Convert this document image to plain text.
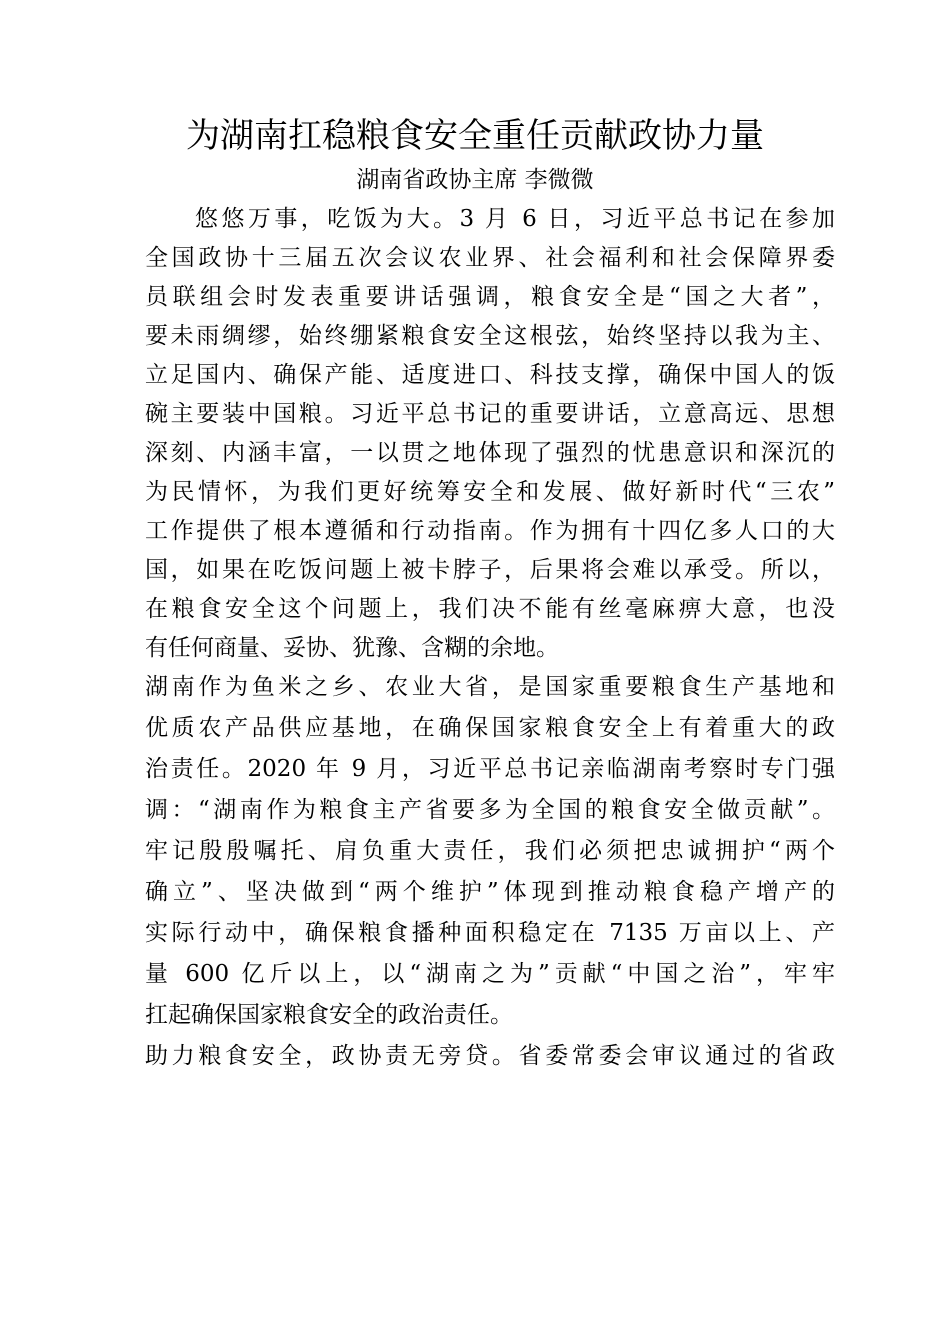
为湖南扛稳粮食安全重任贡献政协力量
湖南省政协主席 李微微
悠悠万事，吃饭为大。3 月 6 日，习近平总书记在参加
全国政协十三届五次会议农业界、社会福利和社会保障界委
员联组会时发表重要讲话强调，粮食安全是“国之大者”，
要未雨绸缪，始终绷紧粮食安全这根弦，始终坚持以我为主、
立足国内、确保产能、适度进口、科技支撑，确保中国人的饭
碗主要装中国粮。习近平总书记的重要讲话，立意高远、思想
深刻、内涵丰富，一以贯之地体现了强烈的忧患意识和深沉的
为民情怀，为我们更好统筹安全和发展、做好新时代“三农”
工作提供了根本遵循和行动指南。作为拥有十四亿多人口的大
国，如果在吃饭问题上被卡脖子，后果将会难以承受。所以，
在粮食安全这个问题上，我们决不能有丝毫麻痹大意，也没
有任何商量、妥协、犹豫、含糊的余地。
湖南作为鱼米之乡、农业大省，是国家重要粮食生产基地和
优质农产品供应基地，在确保国家粮食安全上有着重大的政
治责任。2020 年 9 月，习近平总书记亲临湖南考察时专门强
调：“湖南作为粮食主产省要多为全国的粮食安全做贡献”。
牢记殷殷嘱托、肩负重大责任，我们必须把忠诚拥护“两个
确立”、坚决做到“两个维护”体现到推动粮食稳产增产的
实际行动中，确保粮食播种面积稳定在 7135 万亩以上、产
量 600 亿斤以上，以“湖南之为”贡献“中国之治”，牢牢
扛起确保国家粮食安全的政治责任。
助力粮食安全，政协责无旁贷。省委常委会审议通过的省政
